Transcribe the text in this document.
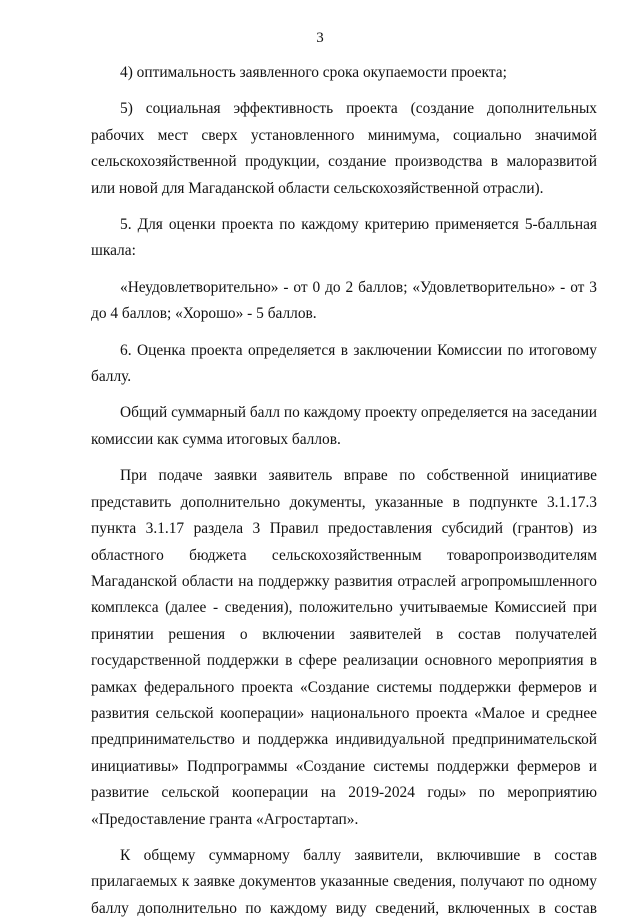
3

4) оптимальность заявленного срока окупаемости проекта;

5) социальная эффективность проекта (создание дополнительных рабочих мест сверх установленного минимума, социально значимой сельскохозяйственной продукции, создание производства в малоразвитой или новой для Магаданской области сельскохозяйственной отрасли).

5. Для оценки проекта по каждому критерию применяется 5-балльная шкала:

«Неудовлетворительно» - от 0 до 2 баллов; «Удовлетворительно» - от 3 до 4 баллов; «Хорошо» - 5 баллов.

6. Оценка проекта определяется в заключении Комиссии по итоговому баллу.

Общий суммарный балл по каждому проекту определяется на заседании комиссии как сумма итоговых баллов.

При подаче заявки заявитель вправе по собственной инициативе представить дополнительно документы, указанные в подпункте 3.1.17.3 пункта 3.1.17 раздела 3 Правил предоставления субсидий (грантов) из областного бюджета сельскохозяйственным товаропроизводителям Магаданской области на поддержку развития отраслей агропромышленного комплекса (далее - сведения), положительно учитываемые Комиссией при принятии решения о включении заявителей в состав получателей государственной поддержки в сфере реализации основного мероприятия в рамках федерального проекта «Создание системы поддержки фермеров и развития сельской кооперации» национального проекта «Малое и среднее предпринимательство и поддержка индивидуальной предпринимательской инициативы» Подпрограммы «Создание системы поддержки фермеров и развитие сельской кооперации на 2019-2024 годы» по мероприятию «Предоставление гранта «Агростартап».

К общему суммарному баллу заявители, включившие в состав прилагаемых к заявке документов указанные сведения, получают по одному баллу дополнительно по каждому виду сведений, включенных в состав
